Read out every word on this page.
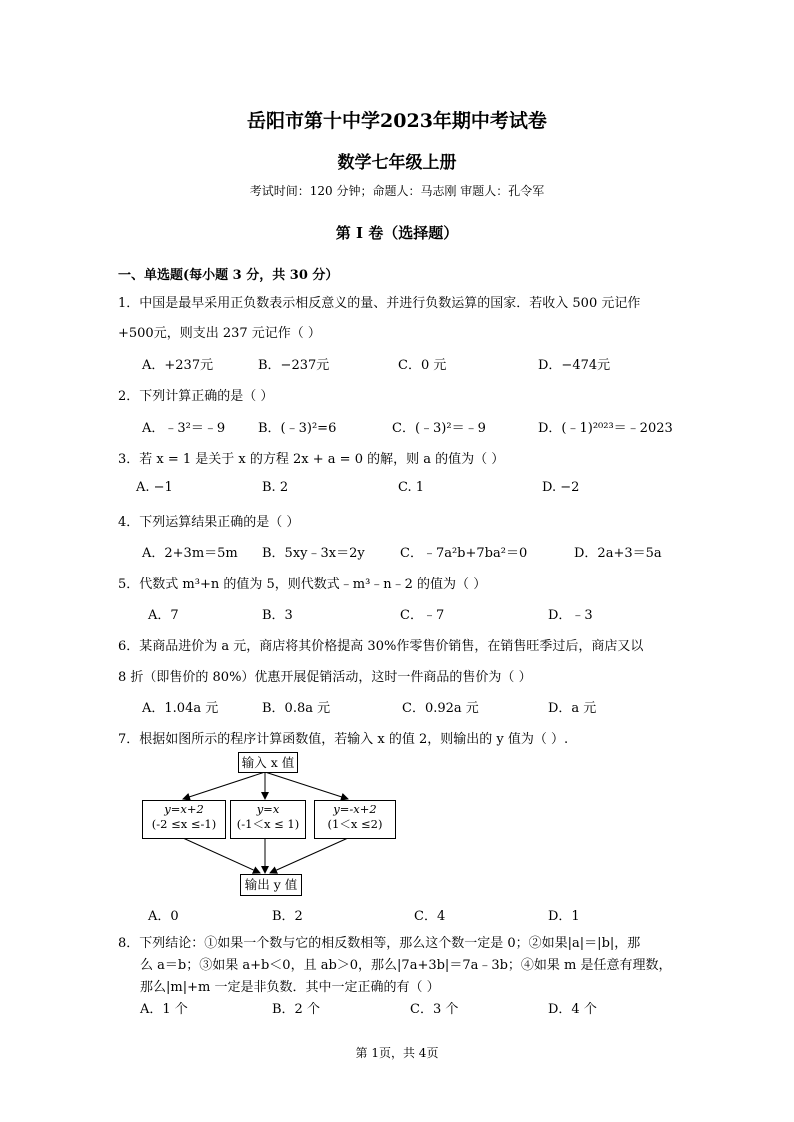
岳阳市第十中学2023年期中考试卷
数学七年级上册
考试时间：120 分钟；命题人：马志刚 审题人：孔令军
第 I 卷（选择题）
一、单选题(每小题 3 分，共 30 分）
1．中国是最早采用正负数表示相反意义的量、并进行负数运算的国家．若收入 500 元记作
+500元，则支出 237 元记作（ ）
A．+237元	B．−237元	C．0 元	D．−474元
2．下列计算正确的是（ ）
A．﹣3²＝﹣9	B．(﹣3)²=6	C．(﹣3)²＝﹣9	D．(﹣1)²⁰²³＝﹣2023
3．若 x = 1 是关于 x 的方程 2x + a = 0 的解，则 a 的值为（ ）
A. −1	B. 2	C. 1	D. −2
4．下列运算结果正确的是（ ）
A．2+3m＝5m B．5xy﹣3x＝2y	C．﹣7a²b+7ba²＝0	D．2a+3＝5a
5．代数式 m³+n 的值为 5，则代数式﹣m³﹣n﹣2 的值为（ ）
A．7	B．3	C．﹣7	D．﹣3
6．某商品进价为 a 元，商店将其价格提高 30%作零售价销售，在销售旺季过后，商店又以
8 折（即售价的 80%）优惠开展促销活动，这时一件商品的售价为（ ）
A．1.04a 元	B．0.8a 元	C．0.92a 元	D．a 元
7．根据如图所示的程序计算函数值，若输入 x 的值 2，则输出的 y 值为（ ）.
输入 x 值
y=x+2
(-2 ≤x ≤-1)
y=x
(-1＜x ≤ 1)
y=-x+2
(1＜x ≤2)
输出 y 值
A．0	B．2	C．4	D．1
8．下列结论：①如果一个数与它的相反数相等，那么这个数一定是 0；②如果|a|＝|b|，那
么 a＝b；③如果 a+b＜0，且 ab＞0，那么|7a+3b|＝7a﹣3b；④如果 m 是任意有理数，
那么|m|+m 一定是非负数．其中一定正确的有（ ）
A．1 个	B．2 个	C．3 个	D．4 个
第 1页，共 4页
